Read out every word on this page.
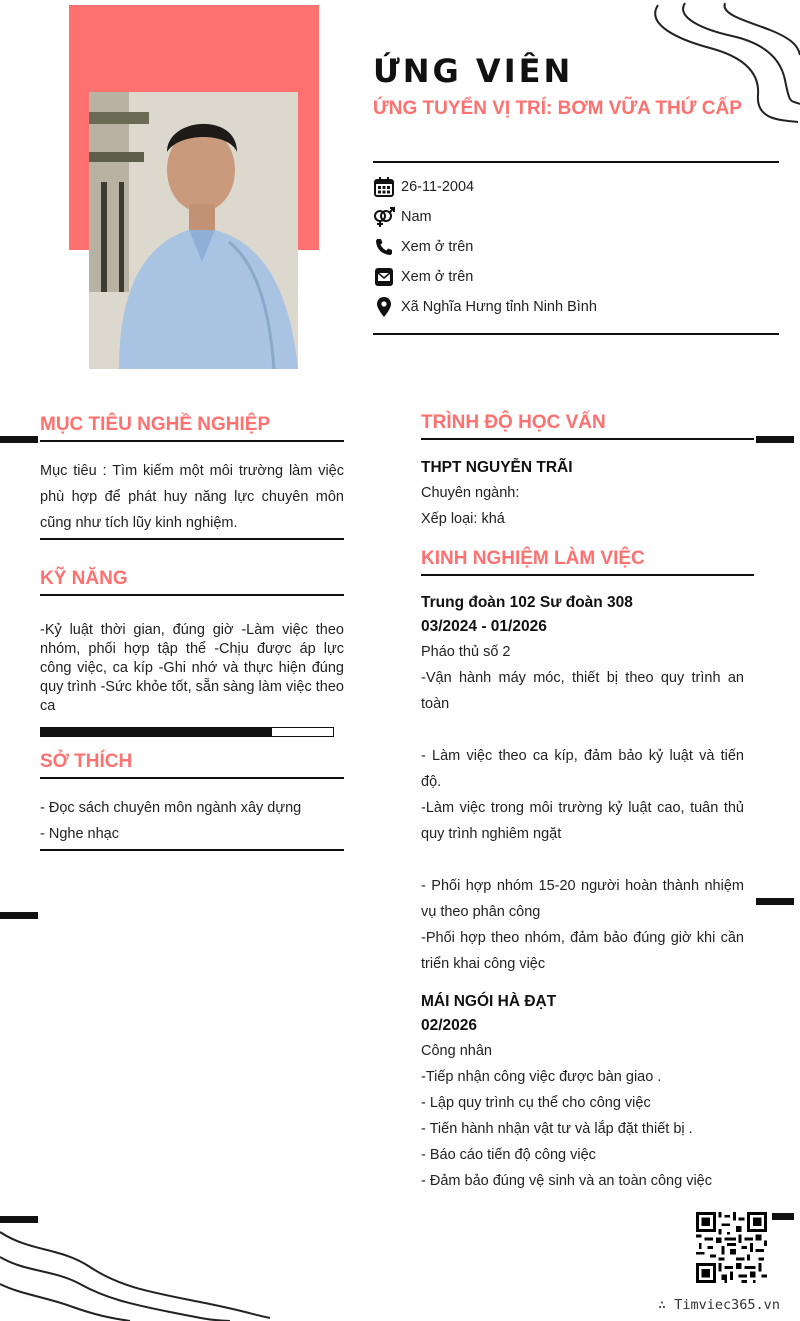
ỨNG VIÊN
ỨNG TUYỂN VỊ TRÍ: BƠM VỮA THỨ CẤP
26-11-2004
Nam
Xem ở trên
Xem ở trên
Xã Nghĩa Hưng tỉnh Ninh Bình
MỤC TIÊU NGHỀ NGHIỆP

Mục tiêu : Tìm kiếm một môi trường làm việc phù hợp để phát huy năng lực chuyên môn cũng như tích lũy kinh nghiệm.

KỸ NĂNG

-Kỷ luật thời gian, đúng giờ -Làm việc theo nhóm, phối hợp tập thể -Chịu được áp lực công việc, ca kíp -Ghi nhớ và thực hiện đúng quy trình -Sức khỏe tốt, sẵn sàng làm việc theo ca

SỞ THÍCH
- Đọc sách chuyên môn ngành xây dựng
- Nghe nhạc
TRÌNH ĐỘ HỌC VẤN
THPT NGUYỄN TRÃI
Chuyên ngành:
Xếp loại: khá
KINH NGHIỆM LÀM VIỆC
Trung đoàn 102 Sư đoàn 308
03/2024 - 01/2026
Pháo thủ số 2
-Vận hành máy móc, thiết bị theo quy trình an toàn
- Làm việc theo ca kíp, đảm bảo kỷ luật và tiến độ.
-Làm việc trong môi trường kỷ luật cao, tuân thủ quy trình nghiêm ngặt
- Phối hợp nhóm 15-20 người hoàn thành nhiệm vụ theo phân công
-Phối hợp theo nhóm, đảm bảo đúng giờ khi cần triển khai công việc
MÁI NGÓI HÀ ĐẠT
02/2026
Công nhân
-Tiếp nhận công việc được bàn giao .
- Lập quy trình cụ thể cho công việc
- Tiến hành nhận vật tư và lắp đặt thiết bị .
- Báo cáo tiến độ công việc
- Đảm bảo đúng vệ sinh và an toàn công việc
∴ Timviec365.vn
